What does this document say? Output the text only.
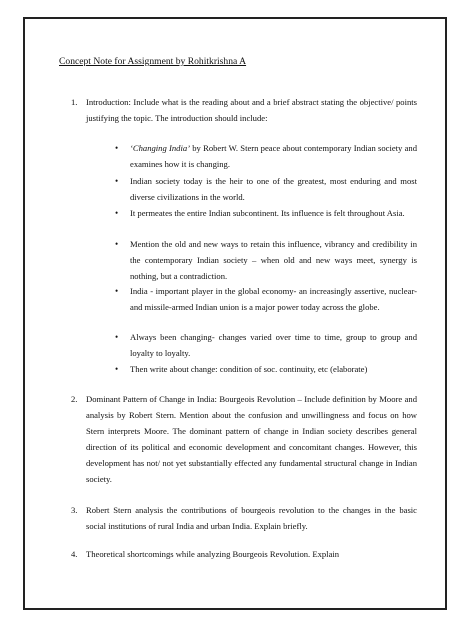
Concept Note for Assignment by Rohitkrishna A
1. Introduction: Include what is the reading about and a brief abstract stating the objective/ points justifying the topic. The introduction should include:
• ‘Changing India’ by Robert W. Stern peace about contemporary Indian society and examines how it is changing.
• Indian society today is the heir to one of the greatest, most enduring and most diverse civilizations in the world.
• It permeates the entire Indian subcontinent. Its influence is felt throughout Asia.
• Mention the old and new ways to retain this influence, vibrancy and credibility in the contemporary Indian society – when old and new ways meet, synergy is nothing, but a contradiction.
• India - important player in the global economy- an increasingly assertive, nuclear-and missile-armed Indian union is a major power today across the globe.
• Always been changing- changes varied over time to time, group to group and loyalty to loyalty.
• Then write about change: condition of soc. continuity, etc (elaborate)
2. Dominant Pattern of Change in India: Bourgeois Revolution – Include definition by Moore and analysis by Robert Stern. Mention about the confusion and unwillingness and focus on how Stern interprets Moore. The dominant pattern of change in Indian society describes general direction of its political and economic development and concomitant changes. However, this development has not/ not yet substantially effected any fundamental structural change in Indian society.
3. Robert Stern analysis the contributions of bourgeois revolution to the changes in the basic social institutions of rural India and urban India. Explain briefly.
4. Theoretical shortcomings while analyzing Bourgeois Revolution. Explain
